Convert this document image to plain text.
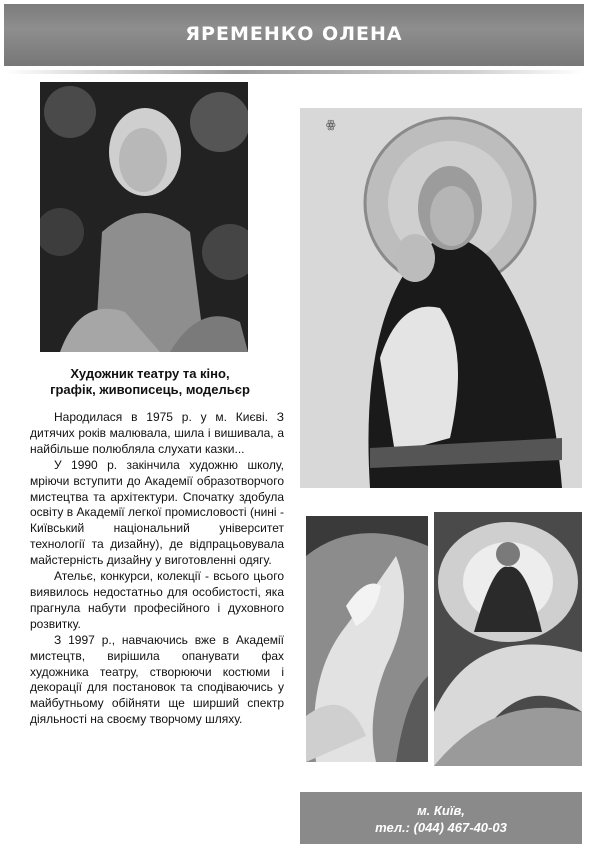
ЯРЕМЕНКО ОЛЕНА
Художник театру та кіно,
графік, живописець, модельєр

Народилася в 1975 р. у м. Києві. З дитячих років малювала, шила і вишивала, а найбільше полюбляла слухати казки...

У 1990 р. закінчила художню школу, мріючи вступити до Академії образотворчого мистецтва та архітектури. Спочатку здобула освіту в Академії легкої промисловості (нині - Київський національний університет технології та дизайну), де відпрацьовувала майстерність дизайну у виготовленні одягу.

Ательє, конкурси, колекції - всього цього виявилось недостатньо для особистості, яка прагнула набути професійного і духовного розвитку.

З 1997 р., навчаючись вже в Академії мистецтв, вирішила опанувати фах художника театру, створюючи костюми і декорації для постановок та сподіваючись у майбутньому обійняти ще ширший спектр діяльності на своєму творчому шляху.

ꙮ
м. Київ,
тел.: (044) 467-40-03
